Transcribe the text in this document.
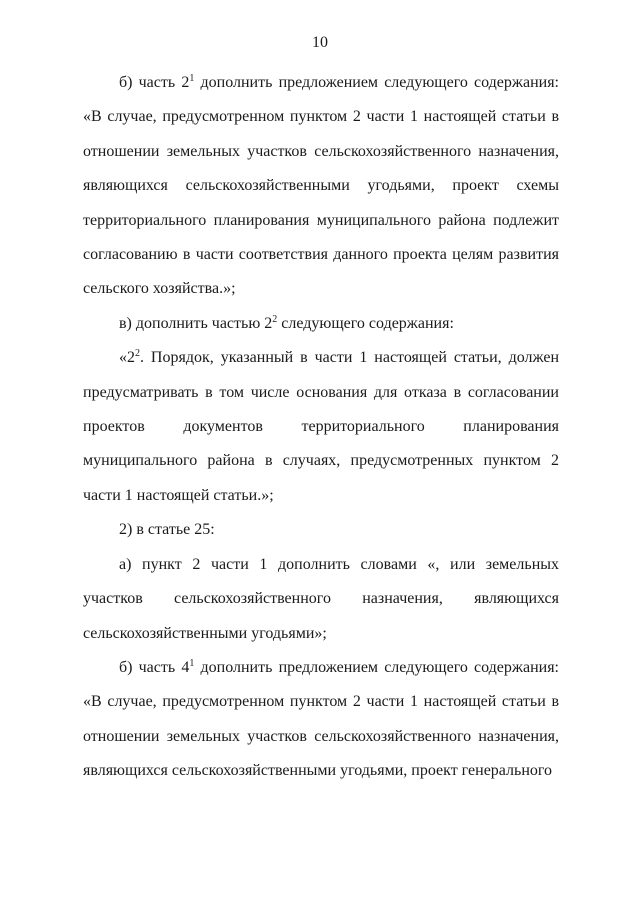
10

б) часть $2^1$ дополнить предложением следующего содержания: «В случае, предусмотренном пунктом 2 части 1 настоящей статьи в отношении земельных участков сельскохозяйственного назначения, являющихся сельскохозяйственными угодьями, проект схемы территориального планирования муниципального района подлежит согласованию в части соответствия данного проекта целям развития сельского хозяйства.»;

в) дополнить частью $2^2$ следующего содержания:

«$2^2$. Порядок, указанный в части 1 настоящей статьи, должен предусматривать в том числе основания для отказа в согласовании проектов документов территориального планирования муниципального района в случаях, предусмотренных пунктом 2 части 1 настоящей статьи.»;

2) в статье 25:

а) пункт 2 части 1 дополнить словами «, или земельных участков сельскохозяйственного назначения, являющихся сельскохозяйственными угодьями»;

б) часть $4^1$ дополнить предложением следующего содержания: «В случае, предусмотренном пунктом 2 части 1 настоящей статьи в отношении земельных участков сельскохозяйственного назначения, являющихся сельскохозяйственными угодьями, проект генерального
